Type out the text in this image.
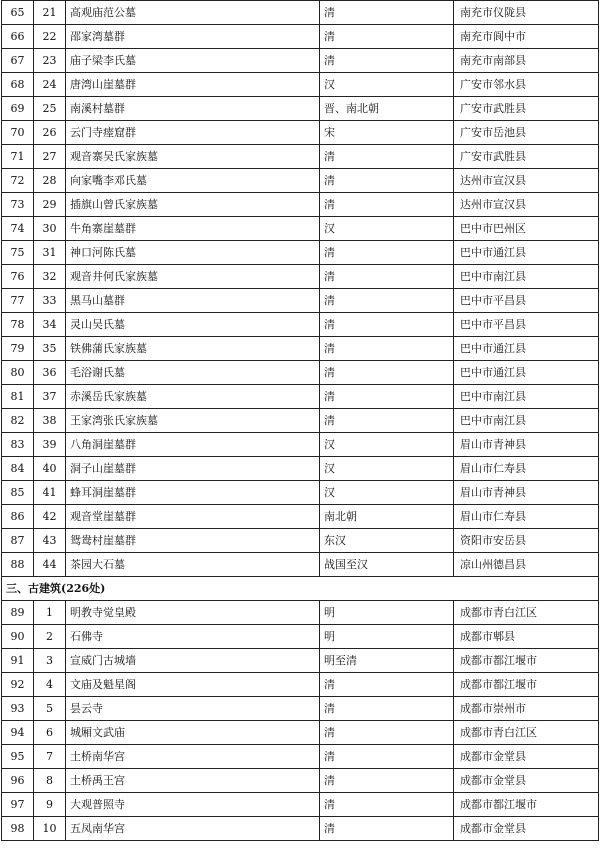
65	21	高观庙范公墓	清	南充市仪陇县
66	22	邵家湾墓群	清	南充市阆中市
67	23	庙子梁李氏墓	清	南充市南部县
68	24	唐湾山崖墓群	汉	广安市邻水县
69	25	南溪村墓群	晋、南北朝	广安市武胜县
70	26	云门寺瘗窟群	宋	广安市岳池县
71	27	观音寨吴氏家族墓	清	广安市武胜县
72	28	向家嘴李邓氏墓	清	达州市宣汉县
73	29	插旗山曾氏家族墓	清	达州市宣汉县
74	30	牛角寨崖墓群	汉	巴中市巴州区
75	31	神口河陈氏墓	清	巴中市通江县
76	32	观音井何氏家族墓	清	巴中市南江县
77	33	黑马山墓群	清	巴中市平昌县
78	34	灵山吴氏墓	清	巴中市平昌县
79	35	铁佛蒲氏家族墓	清	巴中市通江县
80	36	毛浴谢氏墓	清	巴中市通江县
81	37	赤溪岳氏家族墓	清	巴中市南江县
82	38	王家湾张氏家族墓	清	巴中市南江县
83	39	八角洞崖墓群	汉	眉山市青神县
84	40	洞子山崖墓群	汉	眉山市仁寿县
85	41	蜂耳洞崖墓群	汉	眉山市青神县
86	42	观音堂崖墓群	南北朝	眉山市仁寿县
87	43	鸳鸯村崖墓群	东汉	资阳市安岳县
88	44	茶园大石墓	战国至汉	凉山州德昌县
三、古建筑(226处)				
89	1	明教寺觉皇殿	明	成都市青白江区
90	2	石佛寺	明	成都市郫县
91	3	宣威门古城墙	明至清	成都市都江堰市
92	4	文庙及魁星阁	清	成都市都江堰市
93	5	昙云寺	清	成都市崇州市
94	6	城厢文武庙	清	成都市青白江区
95	7	土桥南华宫	清	成都市金堂县
96	8	土桥禹王宫	清	成都市金堂县
97	9	大观普照寺	清	成都市都江堰市
98	10	五凤南华宫	清	成都市金堂县
